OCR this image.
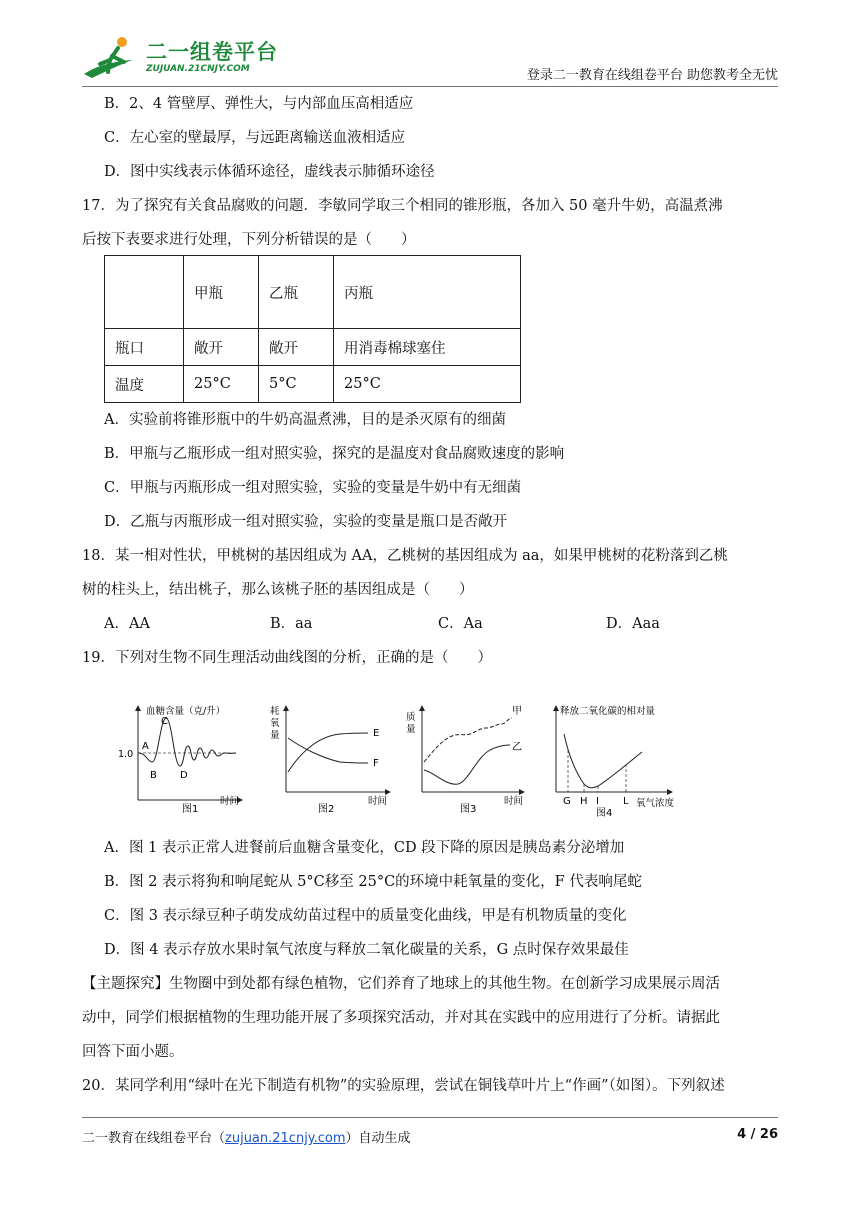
二一组卷平台
ZUJUAN.21CNJY.COM	登录二一教育在线组卷平台 助您教考全无忧
B．2、4 管壁厚、弹性大，与内部血压高相适应
C．左心室的壁最厚，与远距离输送血液相适应
D．图中实线表示体循环途径，虚线表示肺循环途径
17．为了探究有关食品腐败的问题．李敏同学取三个相同的锥形瓶，各加入 50 毫升牛奶，高温煮沸
后按下表要求进行处理，下列分析错误的是（　　）
	甲瓶	乙瓶	丙瓶
瓶口	敞开	敞开	用消毒棉球塞住
温度	25°C	5°C	25°C
A．实验前将锥形瓶中的牛奶高温煮沸，目的是杀灭原有的细菌
B．甲瓶与乙瓶形成一组对照实验，探究的是温度对食品腐败速度的影响
C．甲瓶与丙瓶形成一组对照实验，实验的变量是牛奶中有无细菌
D．乙瓶与丙瓶形成一组对照实验，实验的变量是瓶口是否敞开
18．某一相对性状，甲桃树的基因组成为 AA，乙桃树的基因组成为 aa，如果甲桃树的花粉落到乙桃
树的柱头上，结出桃子，那么该桃子胚的基因组成是（　　）
A．AA	B．aa	C．Aa	D．Aaa
19．下列对生物不同生理活动曲线图的分析，正确的是（　　）
血糖含量（克/升）
1.0
A
B
C
D
时间
图1
耗
氧
量	E
F
时间
图2
质
量
甲
乙
时间
图3
释放二氧化碳的相对量
G H I L 氧气浓度
图4
A．图 1 表示正常人进餐前后血糖含量变化，CD 段下降的原因是胰岛素分泌增加
B．图 2 表示将狗和响尾蛇从 5°C移至 25°C的环境中耗氧量的变化，F 代表响尾蛇
C．图 3 表示绿豆种子萌发成幼苗过程中的质量变化曲线，甲是有机物质量的变化
D．图 4 表示存放水果时氧气浓度与释放二氧化碳量的关系，G 点时保存效果最佳
【主题探究】生物圈中到处都有绿色植物，它们养育了地球上的其他生物。在创新学习成果展示周活
动中，同学们根据植物的生理功能开展了多项探究活动，并对其在实践中的应用进行了分析。请据此
回答下面小题。
20．某同学利用“绿叶在光下制造有机物”的实验原理，尝试在铜钱草叶片上“作画”（如图）。下列叙述
二一教育在线组卷平台（zujuan.21cnjy.com）自动生成	4 / 26
